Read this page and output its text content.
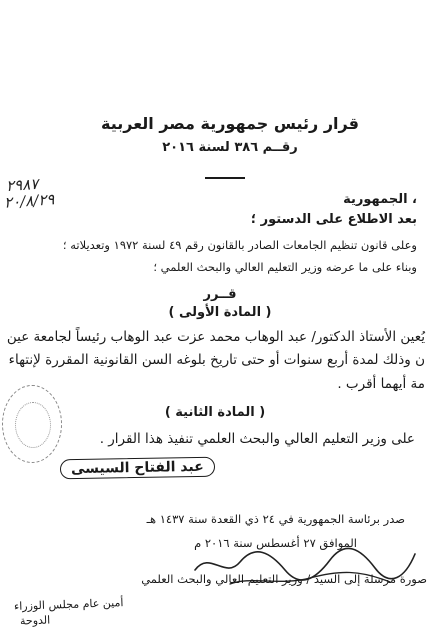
قرار رئيس جمهورية مصر العربية
رقــم ٣٨٦ لسنة ٢٠١٦
٢٩٨٧
٢٠/٨/٢٩	، الجمهورية
بعد الاطلاع على الدستور ؛
وعلى قانون تنظيم الجامعات الصادر بالقانون رقم ٤٩ لسنة ١٩٧٢ وتعديلاته ؛
وبناء على ما عرضه وزير التعليم العالي والبحث العلمي ؛
قــرر
( المادة الأولى )
يُعين الأستاذ الدكتور/ عبد الوهاب محمد عزت عبد الوهاب رئيساً لجامعة عين
ن وذلك لمدة أربع سنوات أو حتى تاريخ بلوغه السن القانونية المقررة لإنتهاء
مة أيهما أقرب .
( المادة الثانية )
على وزير التعليم العالي والبحث العلمي تنفيذ هذا القرار .
عبد الفتاح السيسى
صدر برئاسة الجمهورية في ٢٤ ذي القعدة سنة ١٤٣٧ هـ
الموافق ٢٧ أغسطس سنة ٢٠١٦ م
صورة مرسلة إلى السيد / وزير التعليم العالي والبحث العلمي
أمين عام مجلس الوزراء
الدوحة
